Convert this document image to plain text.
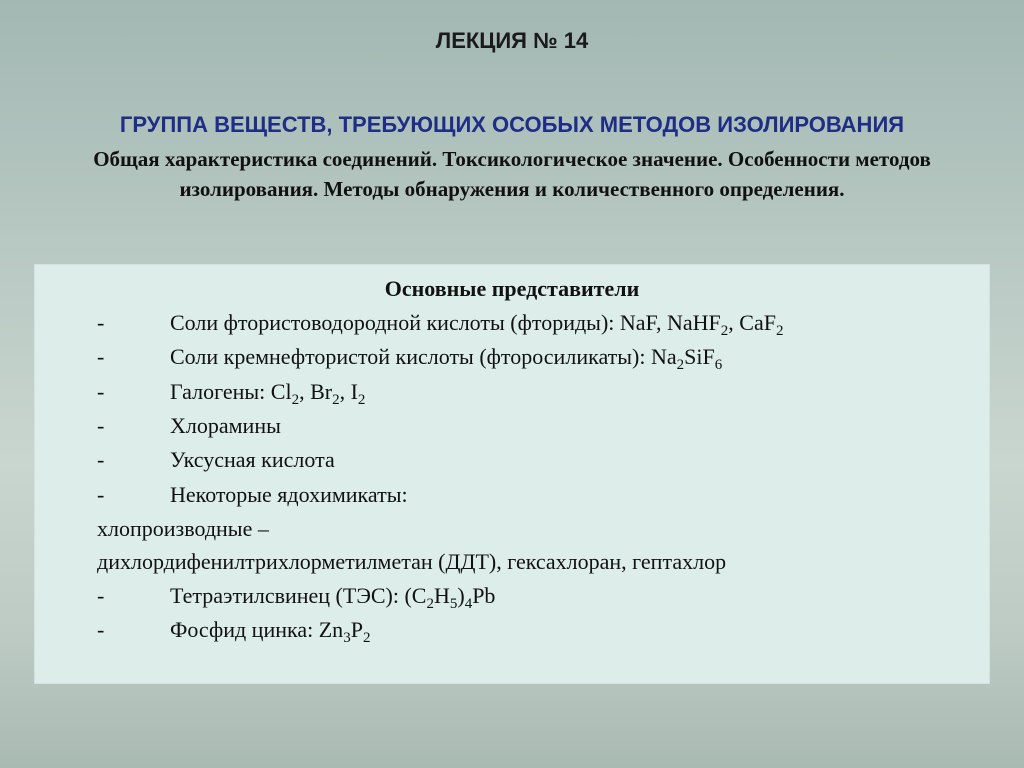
ЛЕКЦИЯ № 14
ГРУППА ВЕЩЕСТВ, ТРЕБУЮЩИХ ОСОБЫХ МЕТОДОВ ИЗОЛИРОВАНИЯ
Общая характеристика соединений. Токсикологическое значение. Особенности методов изолирования. Методы обнаружения и количественного определения.
Основные представители
-	Соли фтористоводородной кислоты (фториды): NaF, NaHF$_2$, CaF$_2$
-	Соли кремнефтористой кислоты (фторосиликаты): $Na_2SiF_6$
-	Галогены: $Cl_2$, $Br_2$, $I_2$
-	Хлорамины
-	Уксусная кислота
-	Некоторые ядохимикаты:
хлопроизводные –
дихлордифенилтрихлорметилметан (ДДТ), гексахлоран, гептахлор
-	Тетраэтилсвинец (ТЭС): $(C_2H_5)_4Pb$
-	Фосфид цинка: $Zn_3P_2$
